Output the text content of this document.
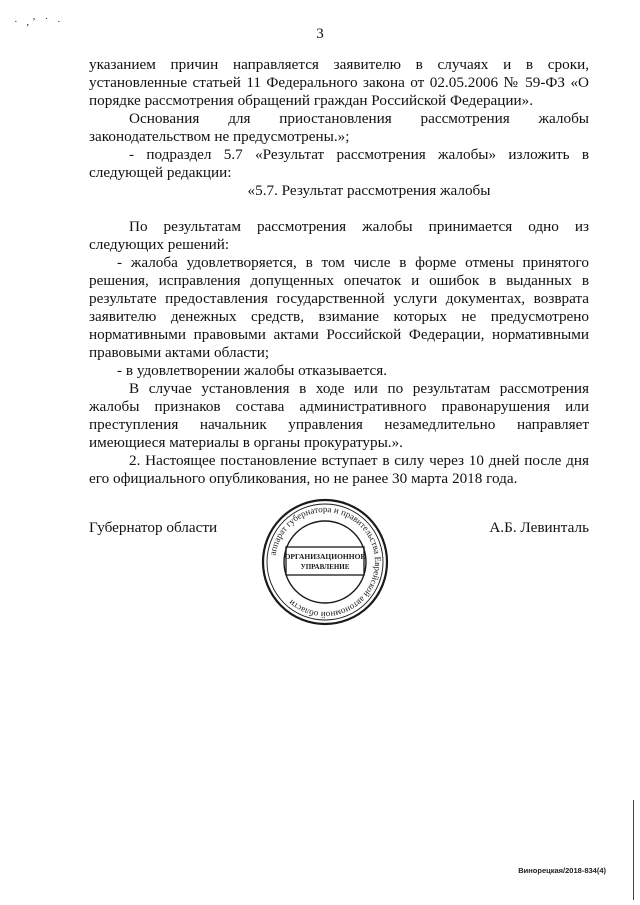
· ,ʼ ˙ ·
3

указанием причин направляется заявителю в случаях и в сроки,

установленные статьей 11 Федерального закона от 02.05.2006 № 59-ФЗ «О

порядке рассмотрения обращений граждан Российской Федерации».

Основания для приостановления рассмотрения жалобы

законодательством не предусмотрены.»;

- подраздел 5.7 «Результат рассмотрения жалобы» изложить в

следующей редакции:

«5.7. Результат рассмотрения жалобы

По результатам рассмотрения жалобы принимается одно из

следующих решений:

- жалоба удовлетворяется, в том числе в форме отмены принятого

решения, исправления допущенных опечаток и ошибок в выданных в

результате предоставления государственной услуги документах, возврата

заявителю денежных средств, взимание которых не предусмотрено

нормативными правовыми актами Российской Федерации, нормативными

правовыми актами области;

- в удовлетворении жалобы отказывается.

В случае установления в ходе или по результатам рассмотрения

жалобы признаков состава административного правонарушения или

преступления начальник управления незамедлительно направляет

имеющиеся материалы в органы прокуратуры.».

2. Настоящее постановление вступает в силу через 10 дней после дня

его официального опубликования, но не ранее 30 марта 2018 года.

Губернатор области	А.Б. Левинталь
аппарат губернатора и правительства Еврейской автономной области
ОРГАНИЗАЦИОННОЕ
УПРАВЛЕНИЕ
Винорецкая/2018-834(4)
